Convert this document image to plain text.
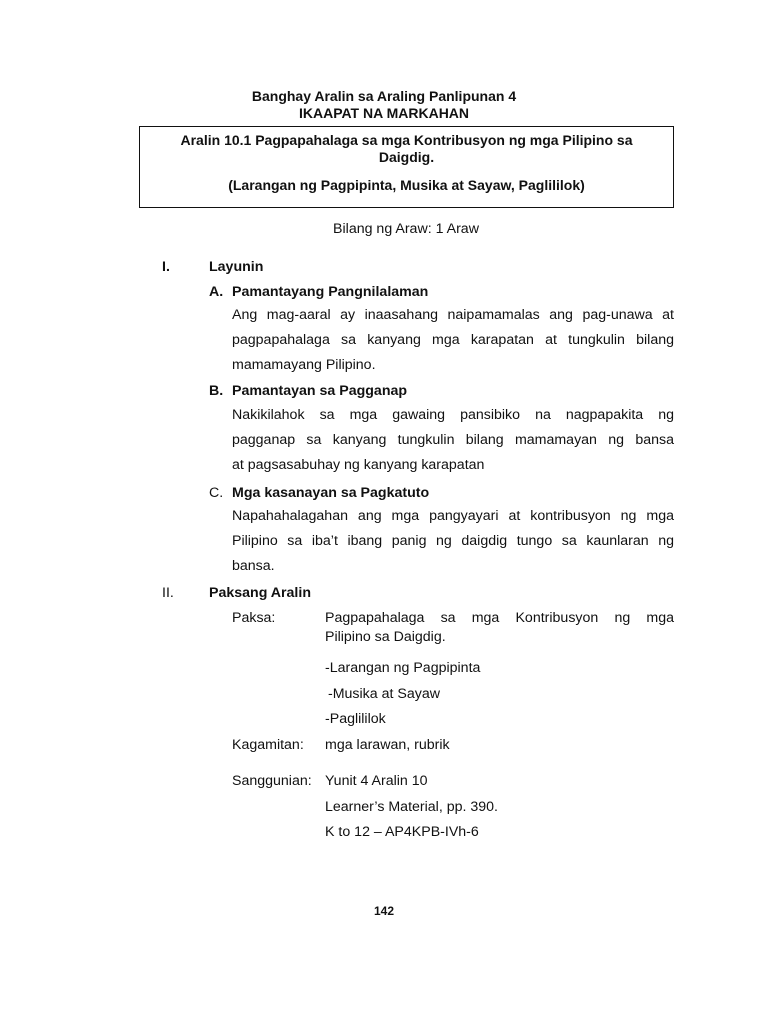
Banghay Aralin sa Araling Panlipunan 4
IKAAPAT NA MARKAHAN
Aralin 10.1 Pagpapahalaga sa mga Kontribusyon ng mga Pilipino sa
Daigdig.
(Larangan ng Pagpipinta, Musika at Sayaw, Paglililok)
Bilang ng Araw: 1 Araw
I.	Layunin
A. Pamantayang Pangnilalaman
Ang mag-aaral ay inaasahang naipamamalas ang pag-unawa at
pagpapahalaga sa kanyang mga karapatan at tungkulin bilang
mamamayang Pilipino.
B. Pamantayan sa Pagganap
Nakikilahok sa mga gawaing pansibiko na nagpapakita ng
pagganap sa kanyang tungkulin bilang mamamayan ng bansa
at pagsasabuhay ng kanyang karapatan
C. Mga kasanayan sa Pagkatuto
Napahahalagahan ang mga pangyayari at kontribusyon ng mga
Pilipino sa iba’t ibang panig ng daigdig tungo sa kaunlaran ng
bansa.
II. Paksang Aralin
Paksa:	Pagpapahalaga sa mga Kontribusyon ng mga
Pilipino sa Daigdig.
-Larangan ng Pagpipinta
-Musika at Sayaw
-Paglililok
Kagamitan: mga larawan, rubrik
Sanggunian: Yunit 4 Aralin 10
Learner’s Material, pp. 390.
K to 12 – AP4KPB-IVh-6
142
